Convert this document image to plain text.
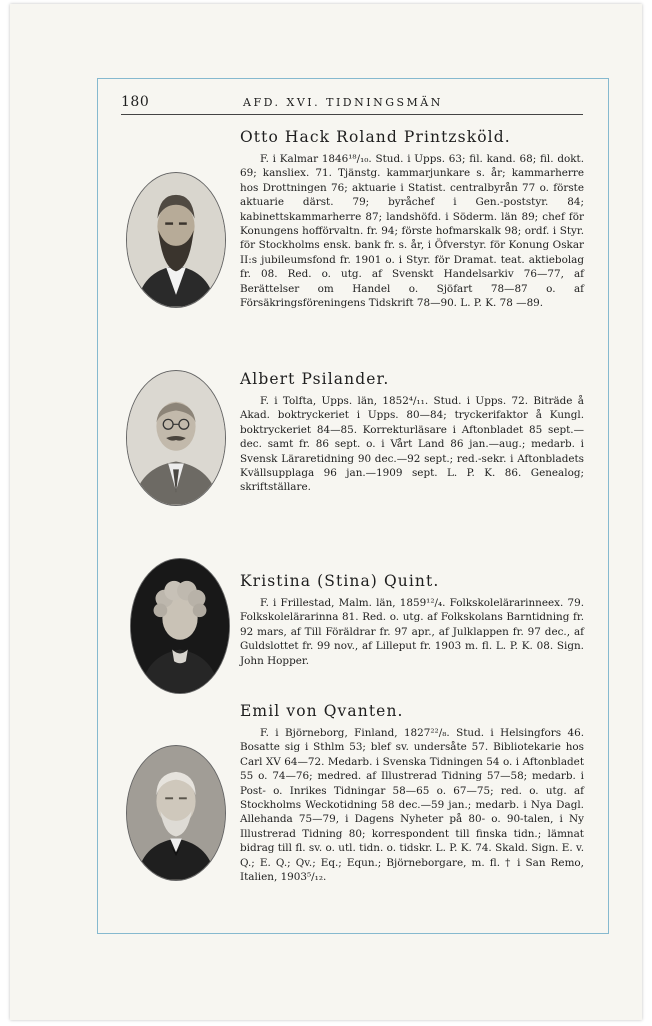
180	AFD. XVI. TIDNINGSMÄN
Otto Hack Roland Printzsköld.

F. i Kalmar 1846¹⁸/₁₀. Stud. i Upps. 63; fil. kand. 68; fil. dokt. 69; kansliex. 71. Tjänstg. kammarjunkare s. år; kammarherre hos Drottningen 76; aktuarie i Statist. centralbyrån 77 o. förste aktuarie därst. 79; byråchef i Gen.-poststyr. 84; kabinettskammarherre 87; landshöfd. i Söderm. län 89; chef för Konungens hofförvaltn. fr. 94; förste hofmarskalk 98; ordf. i Styr. för Stockholms ensk. bank fr. s. år, i Öfverstyr. för Konung Oskar II:s jubileumsfond fr. 1901 o. i Styr. för Dramat. teat. aktiebolag fr. 08. Red. o. utg. af Svenskt Handelsarkiv 76—77, af Berättelser om Handel o. Sjöfart 78—87 o. af Försäkringsföreningens Tidskrift 78—90. L. P. K. 78 —89.

Albert Psilander.

F. i Tolfta, Upps. län, 1852⁴/₁₁. Stud. i Upps. 72. Biträde å Akad. boktryckeriet i Upps. 80—84; tryckerifaktor å Kungl. boktryckeriet 84—85. Korrekturläsare i Aftonbladet 85 sept.—dec. samt fr. 86 sept. o. i Vårt Land 86 jan.—aug.; medarb. i Svensk Läraretidning 90 dec.—92 sept.; red.-sekr. i Aftonbladets Kvällsupplaga 96 jan.—1909 sept. L. P. K. 86. Genealog; skriftställare.

Kristina (Stina) Quint.

F. i Frillestad, Malm. län, 1859¹²/₄. Folkskolelärarinneex. 79. Folkskolelärarinna 81. Red. o. utg. af Folkskolans Barntidning fr. 92 mars, af Till Föräldrar fr. 97 apr., af Julklappen fr. 97 dec., af Guldslottet fr. 99 nov., af Lilleput fr. 1903 m. fl. L. P. K. 08. Sign. John Hopper.

Emil von Qvanten.

F. i Björneborg, Finland, 1827²²/₈. Stud. i Helsingfors 46. Bosatte sig i Sthlm 53; blef sv. undersåte 57. Bibliotekarie hos Carl XV 64—72. Medarb. i Svenska Tidningen 54 o. i Aftonbladet 55 o. 74—76; medred. af Illustrerad Tidning 57—58; medarb. i Post- o. Inrikes Tidningar 58—65 o. 67—75; red. o. utg. af Stockholms Weckotidning 58 dec.—59 jan.; medarb. i Nya Dagl. Allehanda 75—79, i Dagens Nyheter på 80- o. 90-talen, i Ny Illustrerad Tidning 80; korrespondent till finska tidn.; lämnat bidrag till fl. sv. o. utl. tidn. o. tidskr. L. P. K. 74. Skald. Sign. E. v. Q.; E. Q.; Qv.; Eq.; Equn.; Björneborgare, m. fl. † i San Remo, Italien, 1903⁵/₁₂.
